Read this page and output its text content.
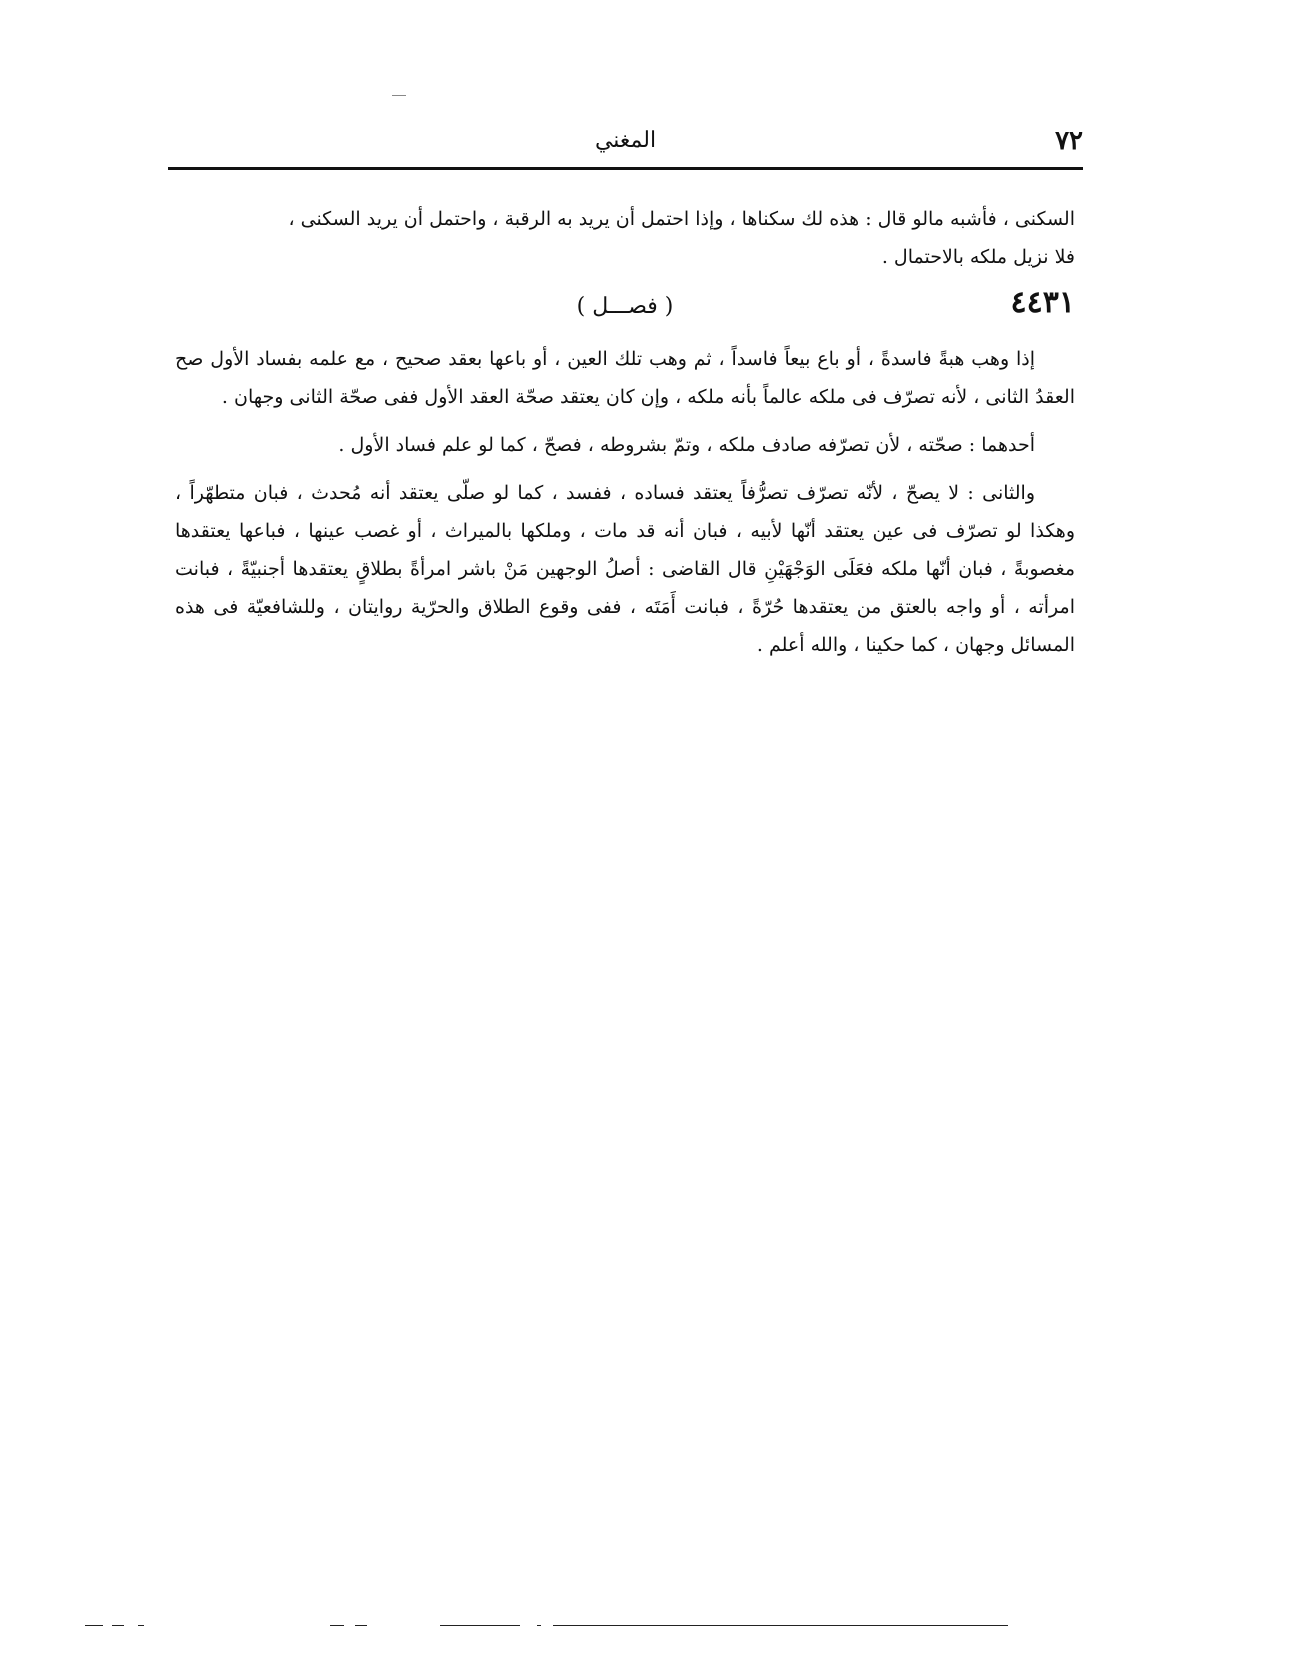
٧٢
المغني

السكنى ، فأشبه مالو قال : هذه لك سكناها ، وإذا احتمل أن يريد به الرقبة ، واحتمل أن يريد السكنى ،

فلا نزيل ملكه بالاحتمال .

٤٤٣١
( فصـــل )

إذا وهب هبةً فاسدةً ، أو باع بيعاً فاسداً ، ثم وهب تلك العين ، أو باعها بعقد صحيح ، مع علمه بفساد الأول صح العقدُ الثانى ، لأنه تصرّف فى ملكه عالماً بأنه ملكه ، وإن كان يعتقد صحّة العقد الأول ففى صحّة الثانى وجهان .

أحدهما : صحّته ، لأن تصرّفه صادف ملكه ، وتمّ بشروطه ، فصحّ ، كما لو علم فساد الأول .

والثانى : لا يصحّ ، لأنّه تصرّف تصرُّفاً يعتقد فساده ، ففسد ، كما لو صلّى يعتقد أنه مُحدث ، فبان متطهّراً ، وهكذا لو تصرّف فى عين يعتقد أنّها لأبيه ، فبان أنه قد مات ، وملكها بالميراث ، أو غصب عينها ، فباعها يعتقدها مغصوبةً ، فبان أنّها ملكه فعَلَى الوَجْهَيْنِ قال القاضى : أصلُ الوجهين مَنْ باشر امرأةً بطلاقٍ يعتقدها أجنبيّةً ، فبانت امرأته ، أو واجه بالعتق من يعتقدها حُرّةً ، فبانت أَمَتَه ، ففى وقوع الطلاق والحرّية روايتان ، وللشافعيّة فى هذه المسائل وجهان ، كما حكينا ، والله أعلم .
